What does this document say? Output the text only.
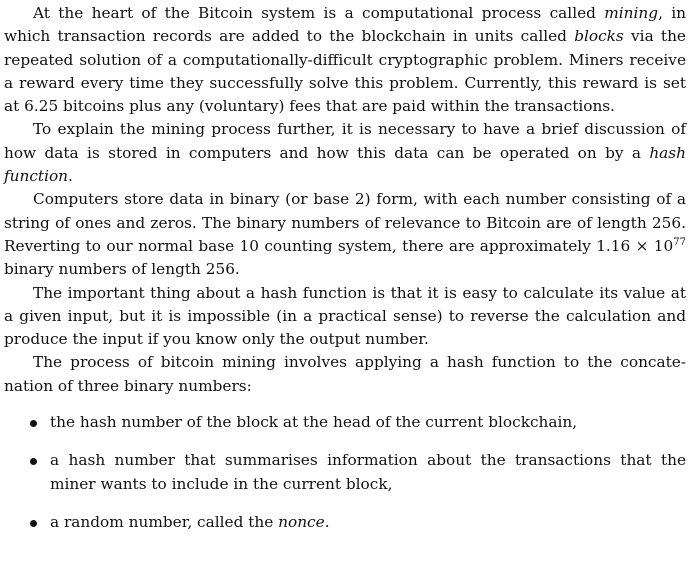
At the heart of the Bitcoin system is a computational process called mining, in which transaction records are added to the blockchain in units called blocks via the repeated solution of a computationally-difficult cryptographic problem. Miners receive a reward every time they successfully solve this problem. Currently, this reward is set at 6.25 bitcoins plus any (voluntary) fees that are paid within the transactions.

To explain the mining process further, it is necessary to have a brief discussion of how data is stored in computers and how this data can be operated on by a hash function.

Computers store data in binary (or base 2) form, with each number consisting of a string of ones and zeros. The binary numbers of relevance to Bitcoin are of length 256. Reverting to our normal base 10 counting system, there are approximately $1.16 \times 10^{77}$ binary numbers of length 256.

The important thing about a hash function is that it is easy to calculate its value at a given input, but it is impossible (in a practical sense) to reverse the calculation and produce the input if you know only the output number.

The process of bitcoin mining involves applying a hash function to the concatenation of three binary numbers:

the hash number of the block at the head of the current blockchain,
a hash number that summarises information about the transactions that the miner wants to include in the current block,
a random number, called the nonce.
